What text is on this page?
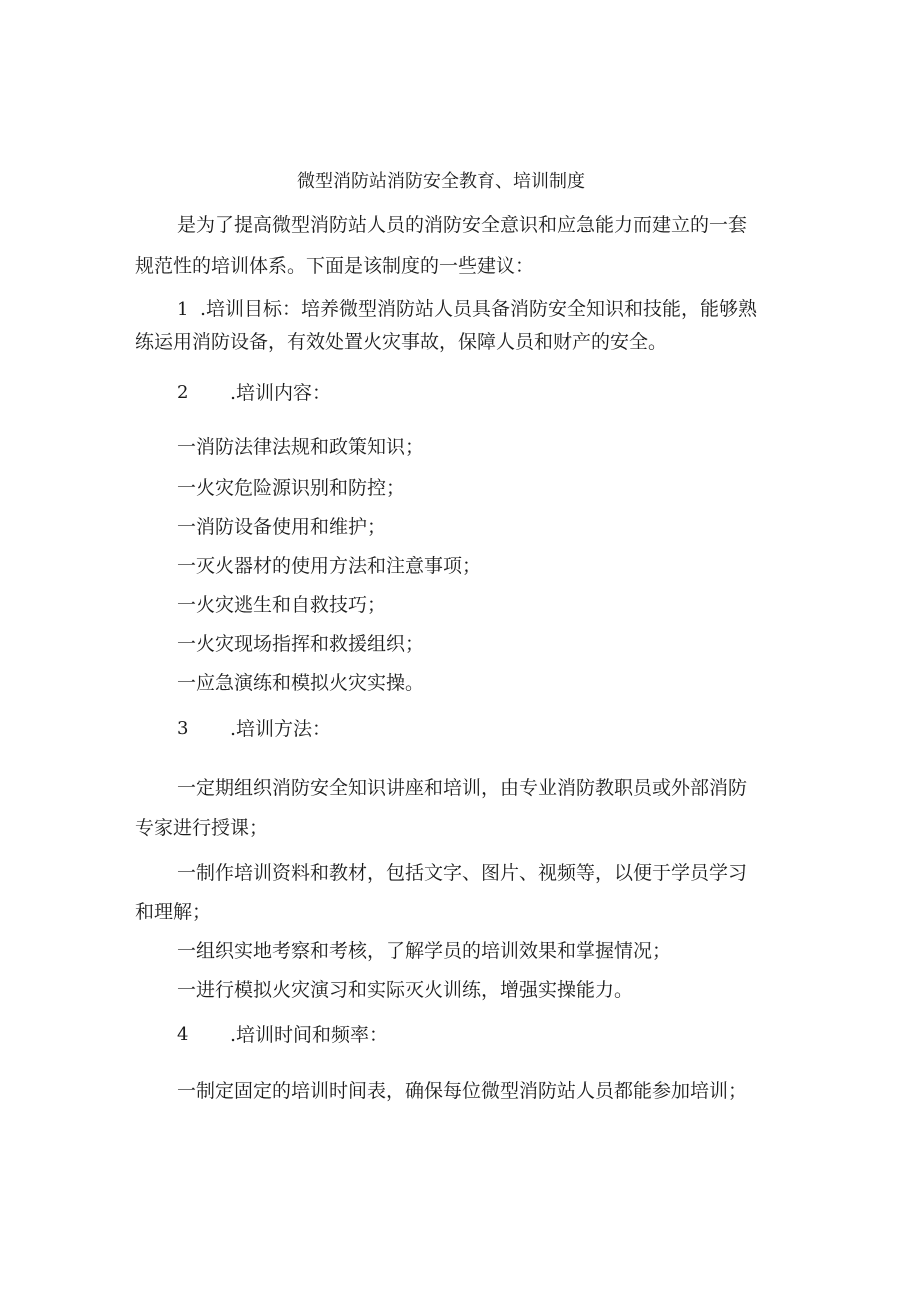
微型消防站消防安全教育、培训制度
是为了提高微型消防站人员的消防安全意识和应急能力而建立的一套
规范性的培训体系。下面是该制度的一些建议：
1 .培训目标：培养微型消防站人员具备消防安全知识和技能，能够熟
练运用消防设备，有效处置火灾事故，保障人员和财产的安全。
2 .培训内容：
一消防法律法规和政策知识；
一火灾危险源识别和防控；
一消防设备使用和维护；
一灭火器材的使用方法和注意事项；
一火灾逃生和自救技巧；
一火灾现场指挥和救援组织；
一应急演练和模拟火灾实操。
3 .培训方法：
一定期组织消防安全知识讲座和培训，由专业消防教职员或外部消防
专家进行授课；
一制作培训资料和教材，包括文字、图片、视频等，以便于学员学习
和理解；
一组织实地考察和考核，了解学员的培训效果和掌握情况；
一进行模拟火灾演习和实际灭火训练，增强实操能力。
4 .培训时间和频率：
一制定固定的培训时间表，确保每位微型消防站人员都能参加培训；
